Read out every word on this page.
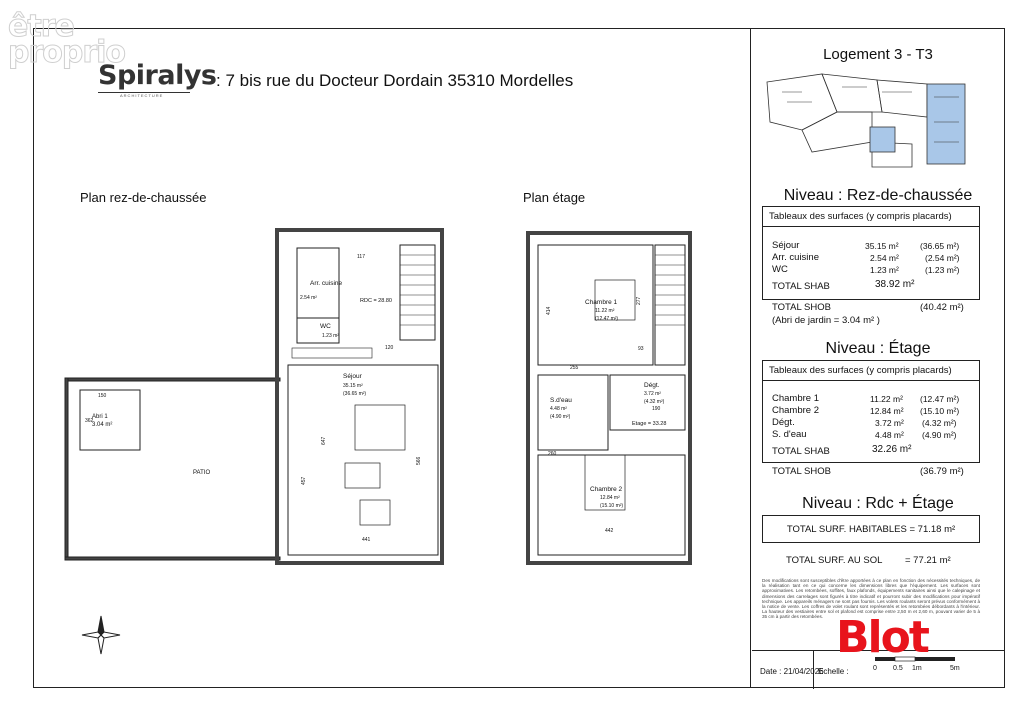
être
proprio
Spiralys
ARCHITECTURE
: 7 bis rue du Docteur Dordain 35310 Mordelles
Plan rez-de-chaussée	Plan étage
Abri 1
3.04 m²
150
362
PATIO
Arr. cuisine
2.54 m²
WC
1.23 m²
117
RDC = 28.80
120
Séjour
35.15 m²
(36.65 m²)
441
647
457
566
Chambre 1
11.22 m²
(12.47 m²)
414
277
255
93
Dégt.
3.72 m²
(4.32 m²)
190
S.d'eau
4.48 m²
(4.90 m²)
Etage = 33.28
260
Chambre 2
12.84 m²
(15.10 m²)
442
Logement 3 - T3
Niveau : Rez-de-chaussée
Tableaux des surfaces (y compris placards)
Séjour	35.15 m²	(36.65 m²)
Arr. cuisine	2.54 m²	(2.54 m²)
WC	1.23 m²	(1.23 m²)
TOTAL SHAB	38.92 m²
TOTAL SHOB	(40.42 m²)
(Abri de jardin = 3.04 m² )
Niveau : Étage
Tableaux des surfaces (y compris placards)
Chambre 1	11.22 m² (12.47 m²)
Chambre 2	12.84 m² (15.10 m²)
Dégt.	3.72 m² (4.32 m²)
S. d'eau	4.48 m² (4.90 m²)
TOTAL SHAB	32.26 m²
TOTAL SHOB	(36.79 m²)
Niveau : Rdc + Étage
TOTAL SURF. HABITABLES = 71.18 m²
TOTAL SURF. AU SOL = 77.21 m²
Des modifications sont susceptibles d'être apportées à ce plan en fonction des nécessités techniques, de la réalisation tant en ce qui concerne les dimensions libres que l'équipement. Les surfaces sont approximatives. Les retombées, soffites, faux plafonds, équipements sanitaires ainsi que le calepinage et dimensions des carrelages sont figurés à titre indicatif et pourront subir des modifications pour impératif technique. Les appareils ménagers ne sont pas fournis. Les volets roulants seront prévus conformément à la notice de vente. Les coffres de volet roulant sont représentés et les retombées débordants à l'intérieur. La hauteur des vestiaires entre sol et plafond est comprise entre 2,50 m et 2,60 m, pouvant varier de 5 à 35 cm à partir des retombées.
Date : 21/04/2026
Echelle :	0 0.5 1m	5m
Blot
